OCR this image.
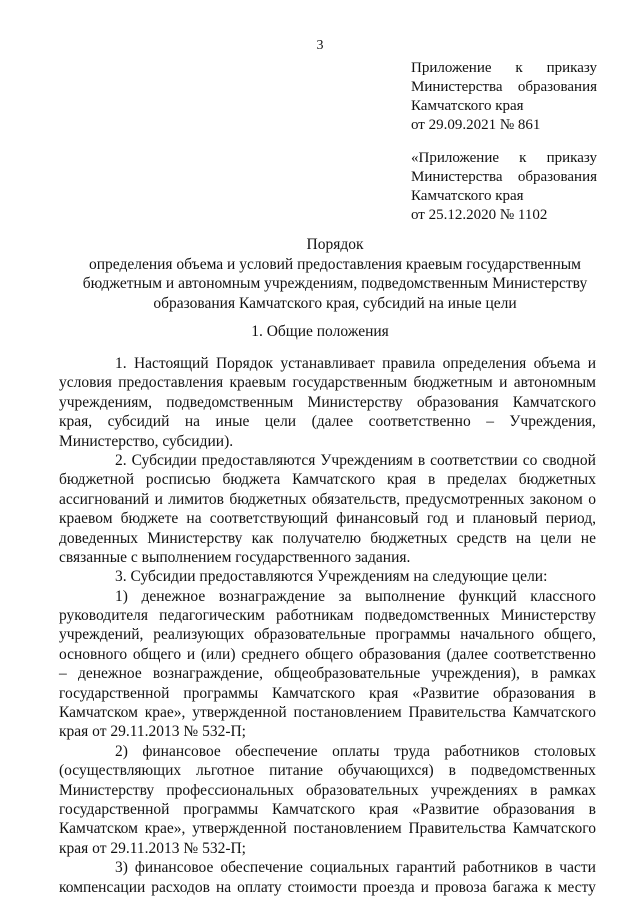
3
Приложение к приказу
Министерства образования
Камчатского края
от 29.09.2021 № 861
«Приложение к приказу
Министерства образования
Камчатского края
от 25.12.2020 № 1102
Порядок
определения объема и условий предоставления краевым государственным
бюджетным и автономным учреждениям, подведомственным Министерству
образования Камчатского края, субсидий на иные цели
1. Общие положения
1. Настоящий Порядок устанавливает правила определения объема и
условия предоставления краевым государственным бюджетным и автономным
учреждениям, подведомственным Министерству образования Камчатского
края, субсидий на иные цели (далее соответственно – Учреждения,
Министерство, субсидии).
2. Субсидии предоставляются Учреждениям в соответствии со сводной
бюджетной росписью бюджета Камчатского края в пределах бюджетных
ассигнований и лимитов бюджетных обязательств, предусмотренных законом о
краевом бюджете на соответствующий финансовый год и плановый период,
доведенных Министерству как получателю бюджетных средств на цели не
связанные с выполнением государственного задания.
3. Субсидии предоставляются Учреждениям на следующие цели:
1) денежное вознаграждение за выполнение функций классного
руководителя педагогическим работникам подведомственных Министерству
учреждений, реализующих образовательные программы начального общего,
основного общего и (или) среднего общего образования (далее соответственно
– денежное вознаграждение, общеобразовательные учреждения), в рамках
государственной программы Камчатского края «Развитие образования в
Камчатском крае», утвержденной постановлением Правительства Камчатского
края от 29.11.2013 № 532-П;
2) финансовое обеспечение оплаты труда работников столовых
(осуществляющих льготное питание обучающихся) в подведомственных
Министерству профессиональных образовательных учреждениях в рамках
государственной программы Камчатского края «Развитие образования в
Камчатском крае», утвержденной постановлением Правительства Камчатского
края от 29.11.2013 № 532-П;
3) финансовое обеспечение социальных гарантий работников в части
компенсации расходов на оплату стоимости проезда и провоза багажа к месту
